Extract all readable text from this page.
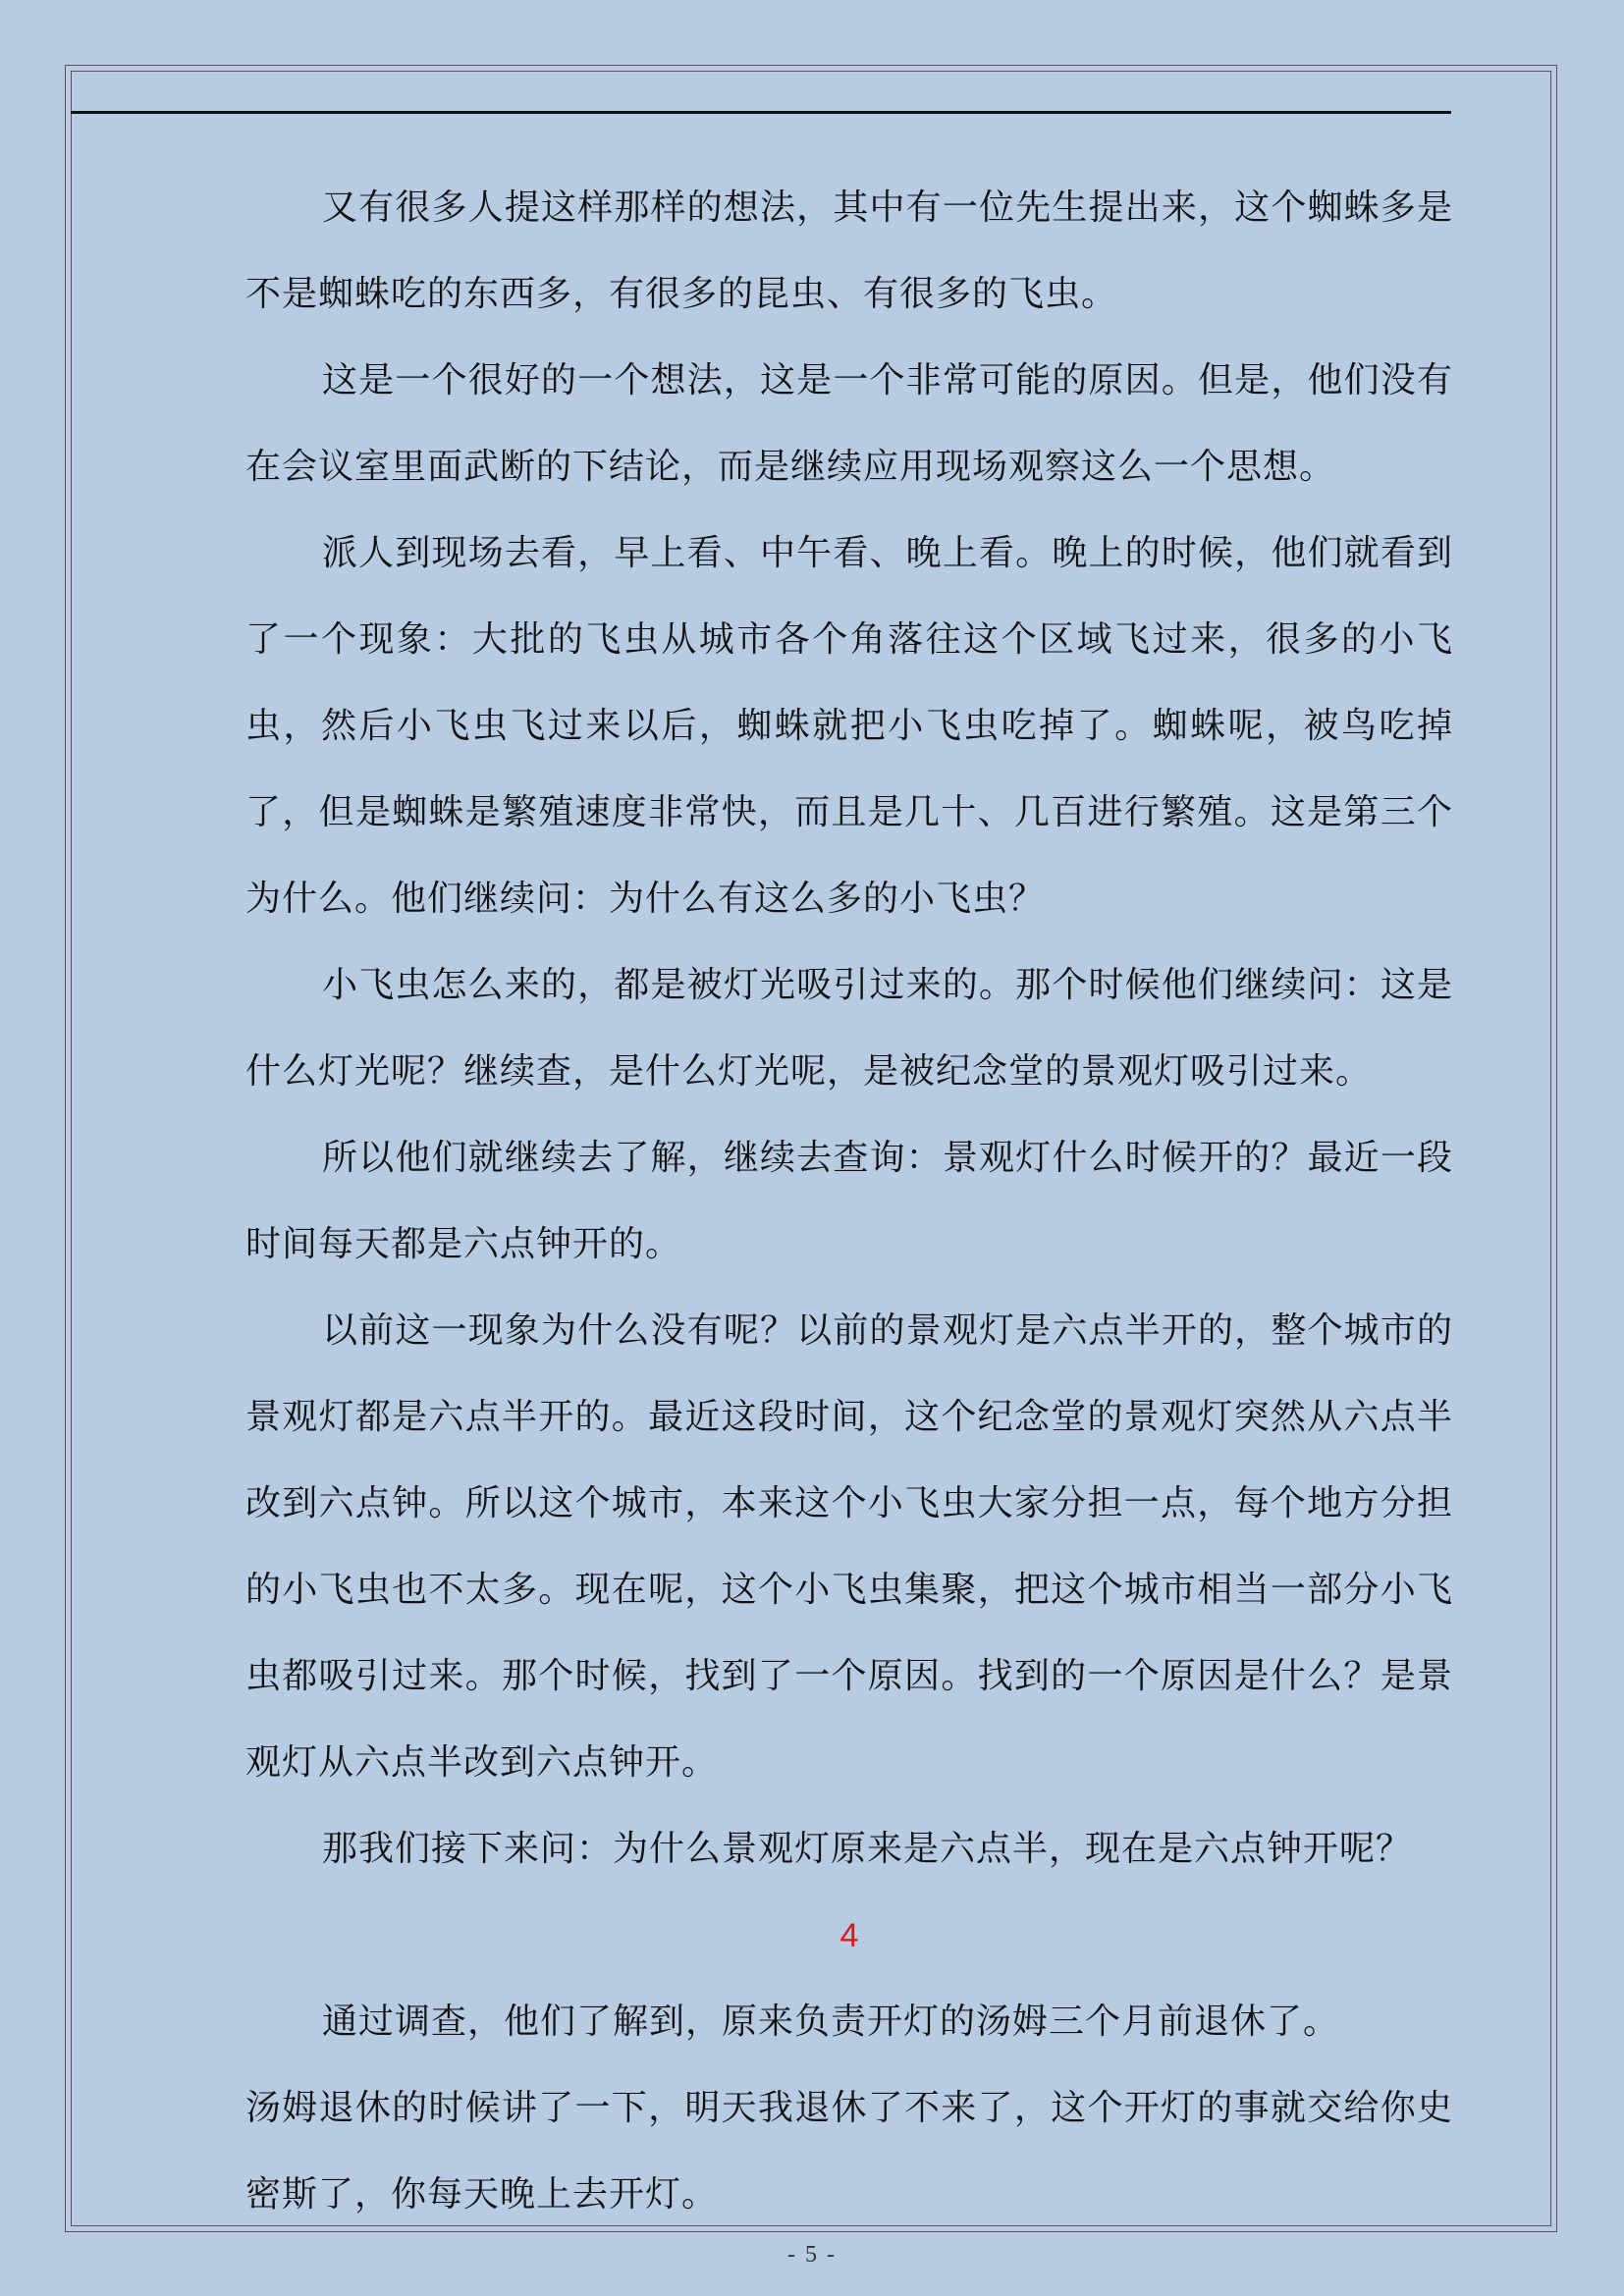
又有很多人提这样那样的想法，其中有一位先生提出来，这个蜘蛛多是不是蜘蛛吃的东西多，有很多的昆虫、有很多的飞虫。

这是一个很好的一个想法，这是一个非常可能的原因。但是，他们没有在会议室里面武断的下结论，而是继续应用现场观察这么一个思想。

派人到现场去看，早上看、中午看、晚上看。晚上的时候，他们就看到了一个现象：大批的飞虫从城市各个角落往这个区域飞过来，很多的小飞虫，然后小飞虫飞过来以后，蜘蛛就把小飞虫吃掉了。蜘蛛呢，被鸟吃掉了，但是蜘蛛是繁殖速度非常快，而且是几十、几百进行繁殖。这是第三个为什么。他们继续问：为什么有这么多的小飞虫？

小飞虫怎么来的，都是被灯光吸引过来的。那个时候他们继续问：这是什么灯光呢？继续查，是什么灯光呢，是被纪念堂的景观灯吸引过来。

所以他们就继续去了解，继续去查询：景观灯什么时候开的？最近一段时间每天都是六点钟开的。

以前这一现象为什么没有呢？以前的景观灯是六点半开的，整个城市的景观灯都是六点半开的。最近这段时间，这个纪念堂的景观灯突然从六点半改到六点钟。所以这个城市，本来这个小飞虫大家分担一点，每个地方分担的小飞虫也不太多。现在呢，这个小飞虫集聚，把这个城市相当一部分小飞虫都吸引过来。那个时候，找到了一个原因。找到的一个原因是什么？是景观灯从六点半改到六点钟开。

那我们接下来问：为什么景观灯原来是六点半，现在是六点钟开呢？

4

通过调查，他们了解到，原来负责开灯的汤姆三个月前退休了。

汤姆退休的时候讲了一下，明天我退休了不来了，这个开灯的事就交给你史密斯了，你每天晚上去开灯。

- 5 -
